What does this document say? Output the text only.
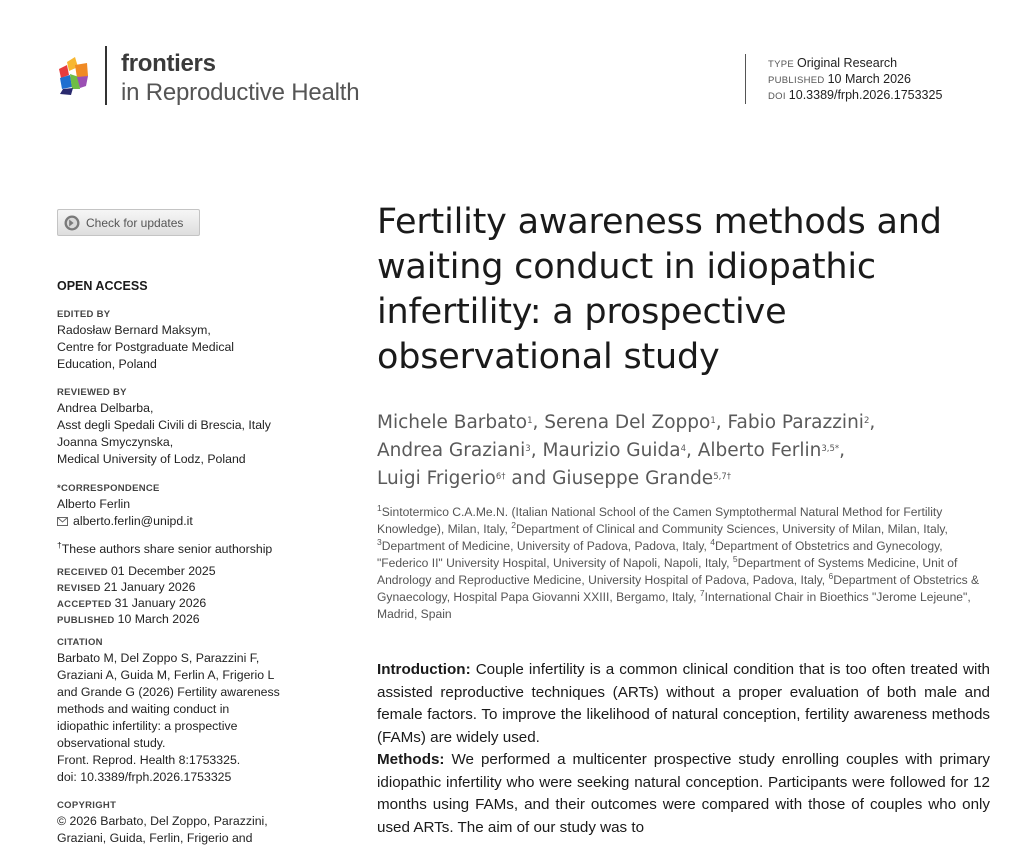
frontiers
in Reproductive Health
TYPE Original Research
PUBLISHED 10 March 2026
DOI 10.3389/frph.2026.1753325
Check for updates
OPEN ACCESS
EDITED BY
Radosław Bernard Maksym,
Centre for Postgraduate Medical
Education, Poland
REVIEWED BY
Andrea Delbarba,
Asst degli Spedali Civili di Brescia, Italy
Joanna Smyczynska,
Medical University of Lodz, Poland
*CORRESPONDENCE
Alberto Ferlin
alberto.ferlin@unipd.it
†These authors share senior authorship
RECEIVED 01 December 2025
REVISED 21 January 2026
ACCEPTED 31 January 2026
PUBLISHED 10 March 2026
CITATION
Barbato M, Del Zoppo S, Parazzini F,
Graziani A, Guida M, Ferlin A, Frigerio L
and Grande G (2026) Fertility awareness
methods and waiting conduct in
idiopathic infertility: a prospective
observational study.
Front. Reprod. Health 8:1753325.
doi: 10.3389/frph.2026.1753325
COPYRIGHT
© 2026 Barbato, Del Zoppo, Parazzini,
Graziani, Guida, Ferlin, Frigerio and
Fertility awareness methods and waiting conduct in idiopathic infertility: a prospective observational study

Michele Barbato$^1$, Serena Del Zoppo$^1$, Fabio Parazzini$^2$,
Andrea Graziani$^3$, Maurizio Guida$^4$, Alberto Ferlin$^{3,5*}$,
Luigi Frigerio$^{6\dagger}$ and Giuseppe Grande$^{5,7\dagger}$

$^1$Sintotermico C.A.Me.N. (Italian National School of the Camen Symptothermal Natural Method for Fertility Knowledge), Milan, Italy, $^2$Department of Clinical and Community Sciences, University of Milan, Milan, Italy, $^3$Department of Medicine, University of Padova, Padova, Italy, $^4$Department of Obstetrics and Gynecology, "Federico II" University Hospital, University of Napoli, Napoli, Italy, $^5$Department of Systems Medicine, Unit of Andrology and Reproductive Medicine, University Hospital of Padova, Padova, Italy, $^6$Department of Obstetrics & Gynaecology, Hospital Papa Giovanni XXIII, Bergamo, Italy, $^7$International Chair in Bioethics "Jerome Lejeune", Madrid, Spain

Introduction: Couple infertility is a common clinical condition that is too often treated with assisted reproductive techniques (ARTs) without a proper evaluation of both male and female factors. To improve the likelihood of natural conception, fertility awareness methods (FAMs) are widely used.

Methods: We performed a multicenter prospective study enrolling couples with primary idiopathic infertility who were seeking natural conception. Participants were followed for 12 months using FAMs, and their outcomes were compared with those of couples who only used ARTs. The aim of our study was to
